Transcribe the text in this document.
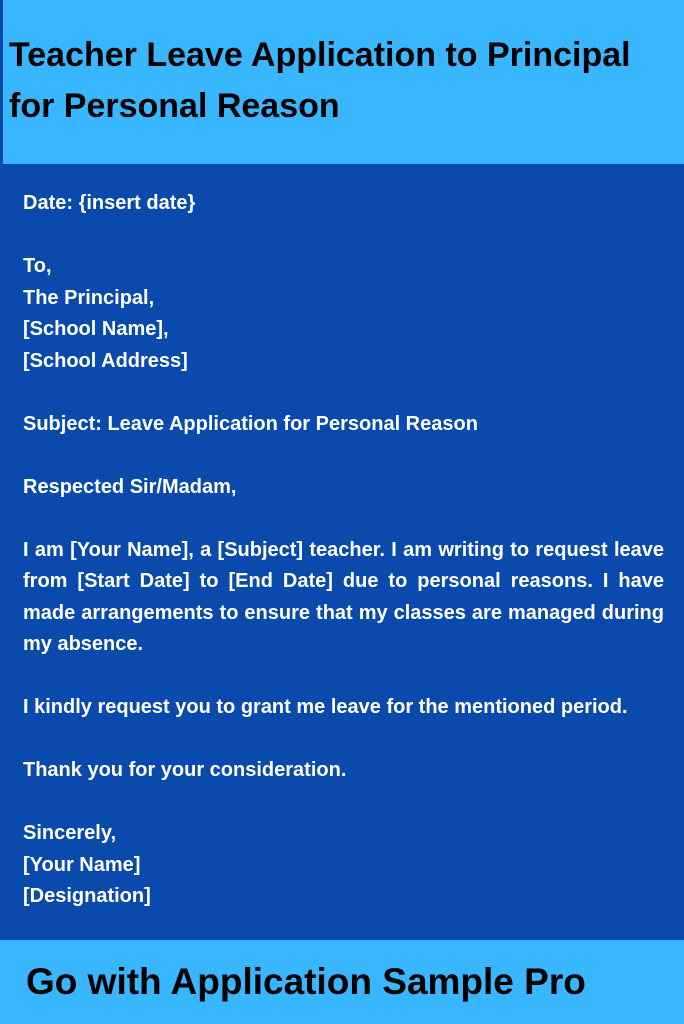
Teacher Leave Application to Principal for Personal Reason

Date: {insert date}

To,
The Principal,
[School Name],
[School Address]

Subject: Leave Application for Personal Reason

Respected Sir/Madam,

I am [Your Name], a [Subject] teacher. I am writing to request leave from [Start Date] to [End Date] due to personal reasons. I have made arrangements to ensure that my classes are managed during my absence.

I kindly request you to grant me leave for the mentioned period.

Thank you for your consideration.

Sincerely,
[Your Name]
[Designation]

Go with Application Sample Pro
